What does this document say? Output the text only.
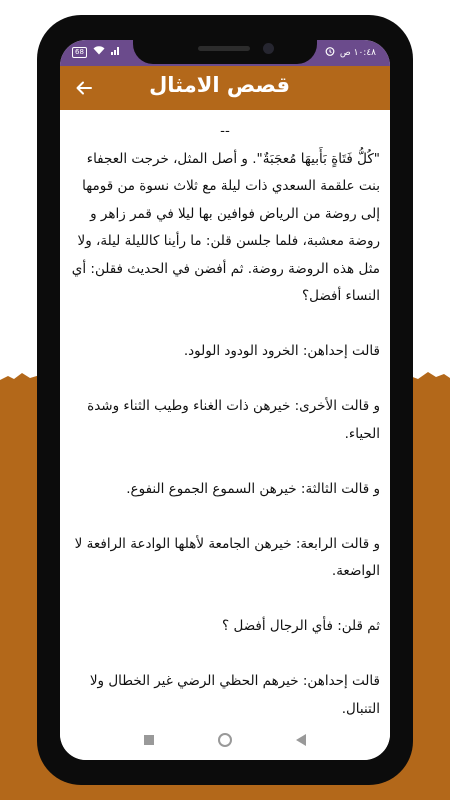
68	١٠:٤٨ ص
قصص الامثال

--

"كُلُّ فَتَاةٍ بَأَبيهَا مُعجَبَةٌ". و أصل المثل، خرجت العجفاء بنت علقمة السعدي ذات ليلة مع ثلاث نسوة من قومها إلى روضة من الرياض فوافين بها ليلا في قمر زاهر و روضة معشبة، فلما جلسن قلن: ما رأينا كالليلة ليلة، ولا مثل هذه الروضة روضة. ثم أفضن في الحديث فقلن: أي النساء أفضل؟

قالت إحداهن: الخرود الودود الولود.

و قالت الأخرى: خيرهن ذات الغناء وطيب الثناء وشدة الحياء.

و قالت الثالثة: خيرهن السموع الجموع النفوع.

و قالت الرابعة: خيرهن الجامعة لأهلها الوادعة الرافعة لا الواضعة.

ثم قلن: فأي الرجال أفضل ؟

قالت إحداهن: خيرهم الحظي الرضي غير الخطال ولا التنبال.
